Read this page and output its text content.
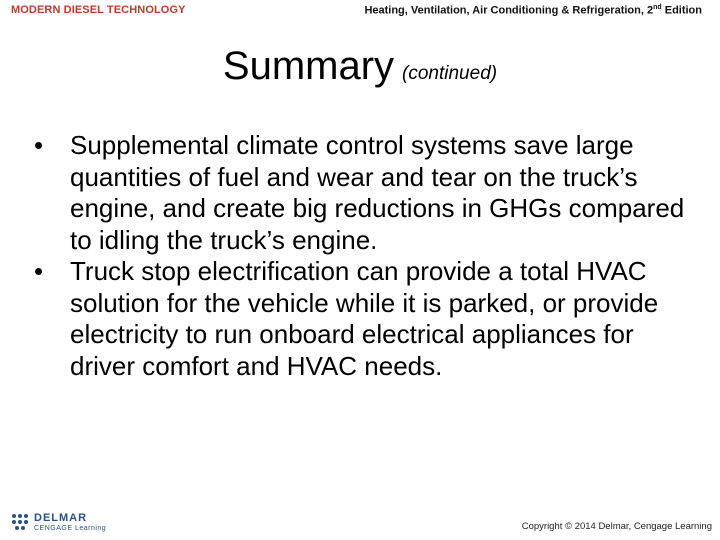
MODERN DIESEL TECHNOLOGY	Heating, Ventilation, Air Conditioning & Refrigeration, 2nd Edition
Summary (continued)
• Supplemental climate control systems save large quantities of fuel and wear and tear on the truck’s engine, and create big reductions in GHGs compared to idling the truck’s engine.
• Truck stop electrification can provide a total HVAC solution for the vehicle while it is parked, or provide electricity to run onboard electrical appliances for driver comfort and HVAC needs.
DELMAR
CENGAGE Learning	Copyright © 2014 Delmar, Cengage Learning
